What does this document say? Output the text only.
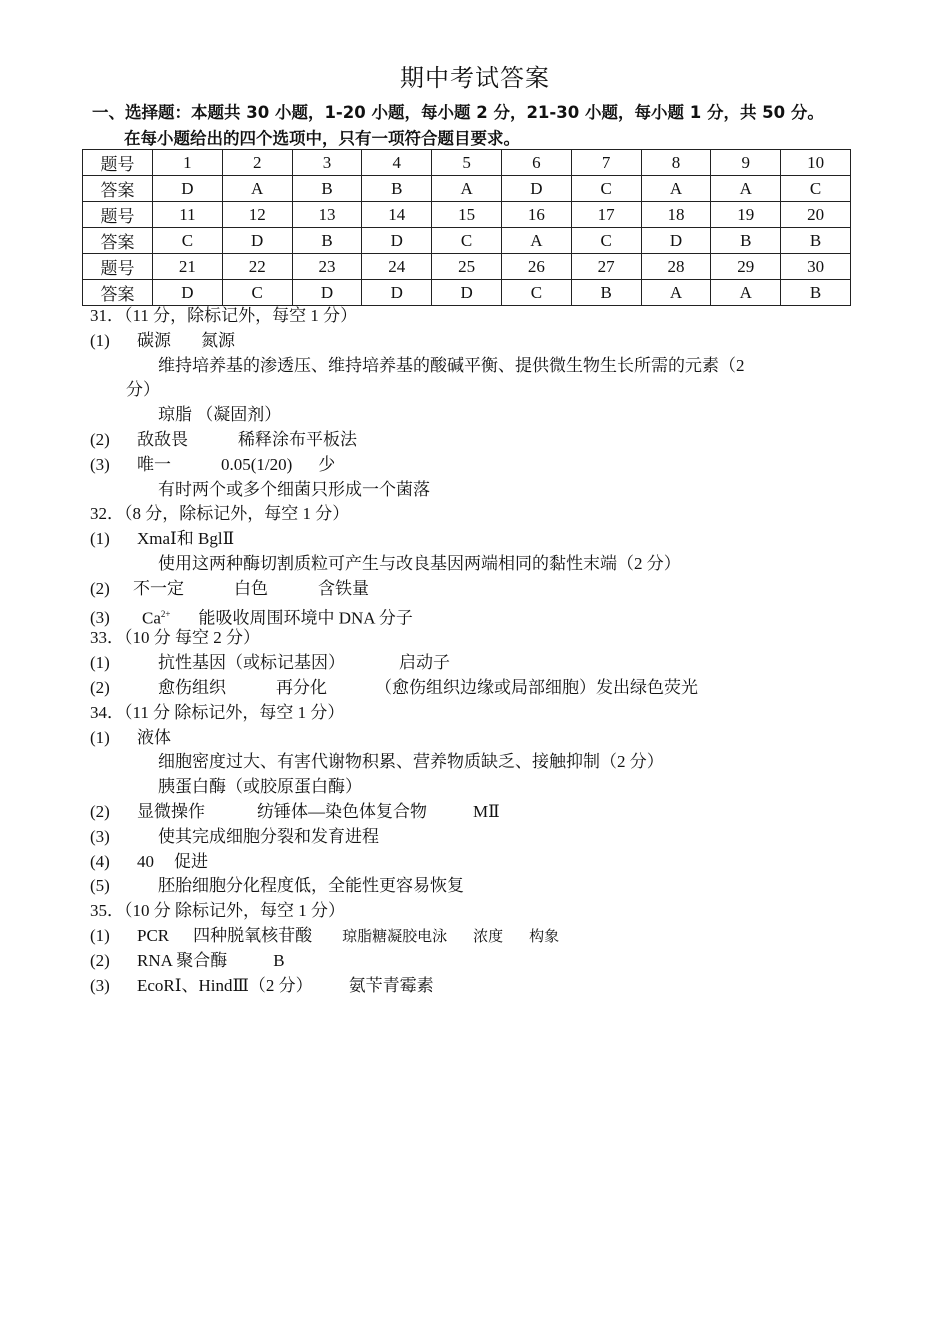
期中考试答案
一、选择题：本题共 30 小题，1-20 小题，每小题 2 分，21-30 小题，每小题 1 分，共 50 分。
在每小题给出的四个选项中，只有一项符合题目要求。
题号	1	2	3	4	5	6	7	8	9	10
答案	D	A	B	B	A	D	C	A	A	C
题号	11	12	13	14	15	16	17	18	19	20
答案	C	D	B	D	C	A	C	D	B	B
题号	21	22	23	24	25	26	27	28	29	30
答案	D	C	D	D	D	C	B	A	A	B
31．（11 分，除标记外，每空 1 分）
(1) 碳源 氮源
维持培养基的渗透压、维持培养基的酸碱平衡、提供微生物生长所需的元素（2
分）
琼脂 （凝固剂）
(2) 敌敌畏	稀释涂布平板法
(3) 唯一	0.05(1/20) 少
有时两个或多个细菌只形成一个菌落
32．（8 分，除标记外，每空 1 分）
(1) XmaⅠ和 BglⅡ
使用这两种酶切割质粒可产生与改良基因两端相同的黏性末端（2 分）
(2) 不一定	白色	含铁量
(3) $Ca^{2+}$ 能吸收周围环境中 DNA 分子
33．（10 分 每空 2 分）
(1)	抗性基因（或标记基因）	启动子
(2)	愈伤组织	再分化	（愈伤组织边缘或局部细胞）发出绿色荧光
34．（11 分 除标记外，每空 1 分）
(1) 液体
细胞密度过大、有害代谢物积累、营养物质缺乏、接触抑制（2 分）
胰蛋白酶（或胶原蛋白酶）
(2) 显微操作	纺锤体—染色体复合物	MⅡ
(3)	使其完成细胞分裂和发育进程
(4) 40 促进
(5)	胚胎细胞分化程度低，全能性更容易恢复
35．（10 分 除标记外，每空 1 分）
(1) PCR 四种脱氧核苷酸 琼脂糖凝胶电泳 浓度 构象
(2) RNA 聚合酶	B
(3) EcoRⅠ、HindⅢ（2 分） 氨苄青霉素
